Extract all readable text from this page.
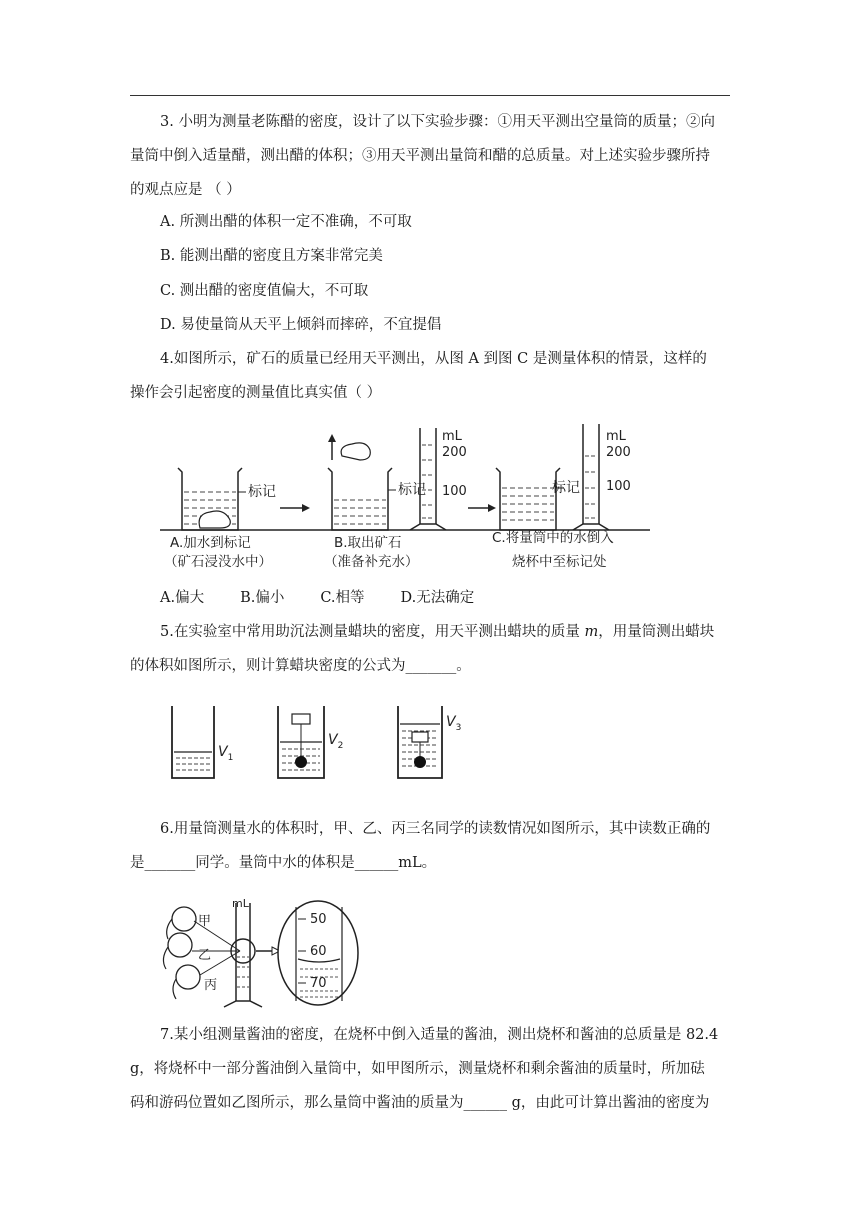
3. 小明为测量老陈醋的密度，设计了以下实验步骤：①用天平测出空量筒的质量；②向

量筒中倒入适量醋，测出醋的体积；③用天平测出量筒和醋的总质量。对上述实验步骤所持

的观点应是 （ ）

A. 所测出醋的体积一定不准确，不可取
B. 能测出醋的密度且方案非常完美
C. 测出醋的密度值偏大，不可取
D. 易使量筒从天平上倾斜而摔碎，不宜提倡

4.如图所示，矿石的质量已经用天平测出，从图 A 到图 C 是测量体积的情景，这样的

操作会引起密度的测量值比真实值（ ）

标记	标记
mL
200
100	标记
mL
200
100
A.加水到标记
（矿石浸没水中）
B.取出矿石
（准备补充水）
C.将量筒中的水倒入
烧杯中至标记处
A.偏大 B.偏小 C.相等 D.无法确定

5.在实验室中常用助沉法测量蜡块的密度，用天平测出蜡块的质量 m，用量筒测出蜡块

的体积如图所示，则计算蜡块密度的公式为_______。

$V_1$
$V_2$
$V_3$

6.用量筒测量水的体积时，甲、乙、丙三名同学的读数情况如图所示，其中读数正确的

是_______同学。量筒中水的体积是______mL。

甲
乙
丙
mL
50
60
70

7.某小组测量酱油的密度，在烧杯中倒入适量的酱油，测出烧杯和酱油的总质量是 82.4

g，将烧杯中一部分酱油倒入量筒中，如甲图所示，测量烧杯和剩余酱油的质量时，所加砝

码和游码位置如乙图所示，那么量筒中酱油的质量为______ g，由此可计算出酱油的密度为
